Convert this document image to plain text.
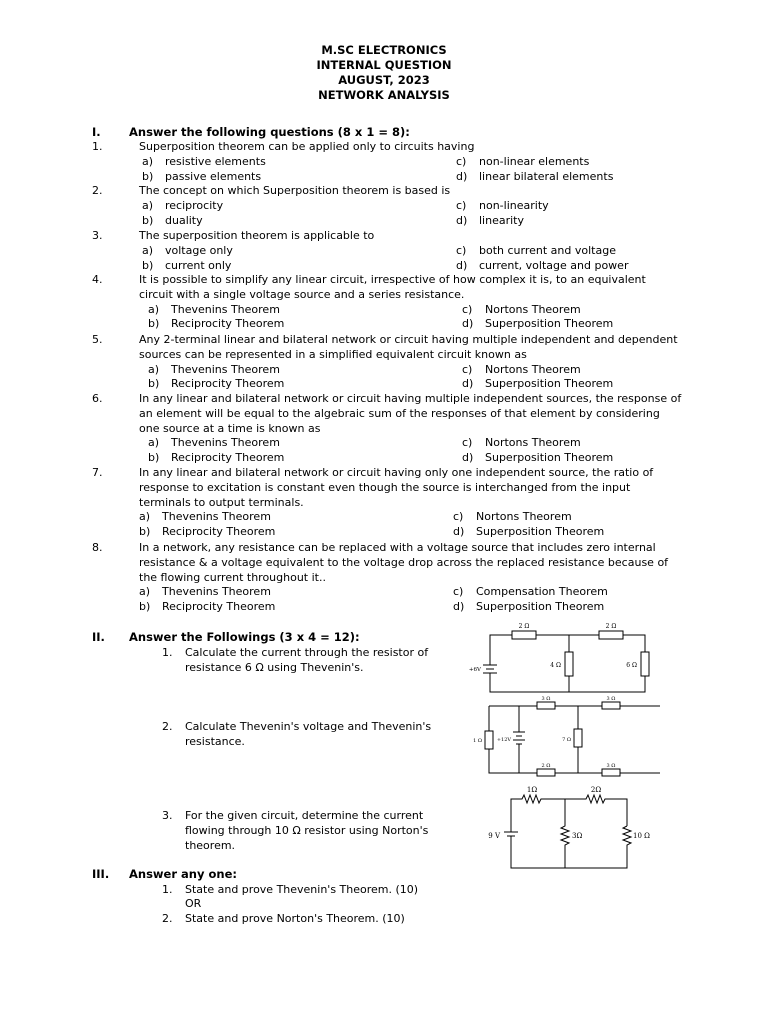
M.SC ELECTRONICS
INTERNAL QUESTION
AUGUST, 2023
NETWORK ANALYSIS
I.	Answer the following questions (8 x 1 = 8):
1.	Superposition theorem can be applied only to circuits having
a) resistive elements
b) passive elements
c) non-linear elements
d) linear bilateral elements
2.	The concept on which Superposition theorem is based is
a) reciprocity
b) duality
c) non-linearity
d) linearity
3.	The superposition theorem is applicable to
a) voltage only
b) current only
c) both current and voltage
d) current, voltage and power
4.	It is possible to simplify any linear circuit, irrespective of how complex it is, to an equivalent circuit with a single voltage source and a series resistance.
a) Thevenins Theorem
b) Reciprocity Theorem
c) Nortons Theorem
d) Superposition Theorem
5.	Any 2-terminal linear and bilateral network or circuit having multiple independent and dependent sources can be represented in a simplified equivalent circuit known as
a) Thevenins Theorem
b) Reciprocity Theorem
c) Nortons Theorem
d) Superposition Theorem
6.	In any linear and bilateral network or circuit having multiple independent sources, the response of an element will be equal to the algebraic sum of the responses of that element by considering one source at a time is known as
a) Thevenins Theorem
b) Reciprocity Theorem
c) Nortons Theorem
d) Superposition Theorem
7.	In any linear and bilateral network or circuit having only one independent source, the ratio of response to excitation is constant even though the source is interchanged from the input terminals to output terminals.
a) Thevenins Theorem
b) Reciprocity Theorem
c) Nortons Theorem
d) Superposition Theorem
8.	In a network, any resistance can be replaced with a voltage source that includes zero internal resistance & a voltage equivalent to the voltage drop across the replaced resistance because of the flowing current throughout it..
a) Thevenins Theorem
b) Reciprocity Theorem
c) Compensation Theorem
d) Superposition Theorem
II.	Answer the Followings (3 x 4 = 12):
1. Calculate the current through the resistor of resistance 6 Ω using Thevenin's.
2. Calculate Thevenin's voltage and Thevenin's resistance.
3. For the given circuit, determine the current flowing through 10 Ω resistor using Norton's theorem.
2 Ω	2 Ω
4 Ω	6 Ω
+6V
3 Ω	3 Ω
1 Ω	+12V	7 Ω
2 Ω	3 Ω
1Ω	2Ω
9 V	3Ω	10 Ω
III.	Answer any one:
1. State and prove Thevenin's Theorem. (10)
OR
2. State and prove Norton's Theorem. (10)
